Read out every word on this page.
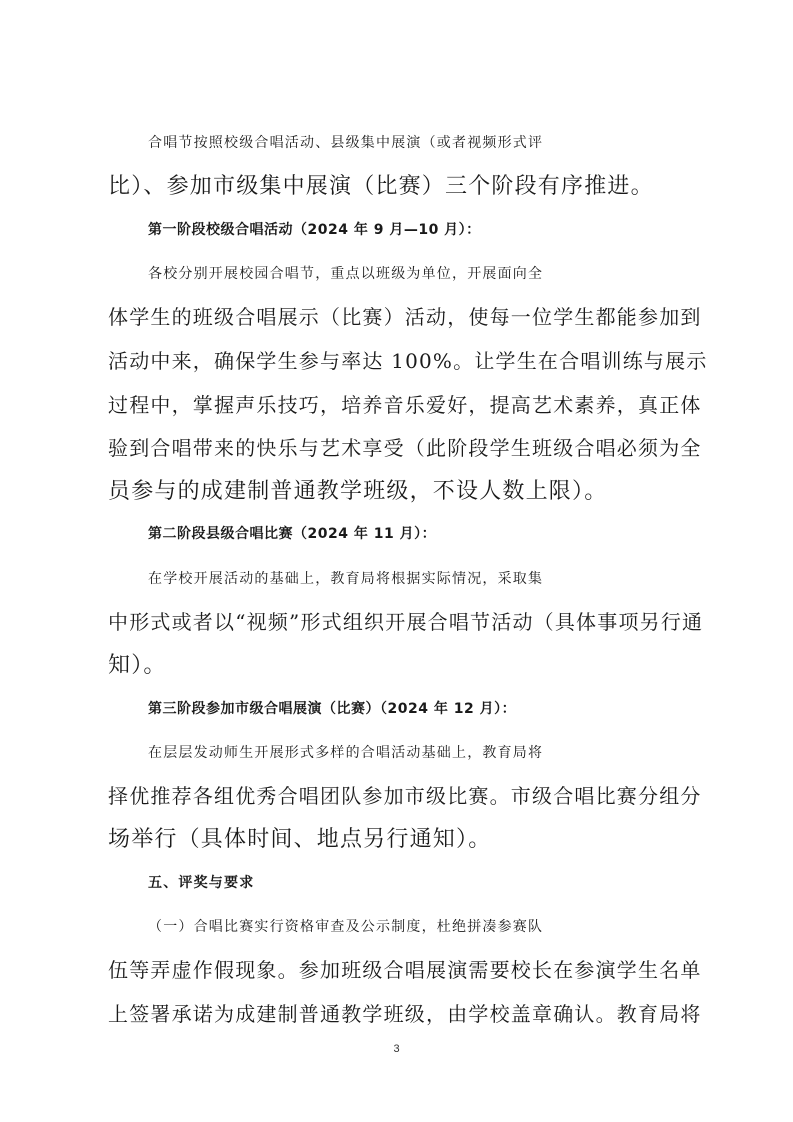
合唱节按照校级合唱活动、县级集中展演（或者视频形式评
比）、参加市级集中展演（比赛）三个阶段有序推进。
第一阶段校级合唱活动（2024 年 9 月—10 月）：
各校分别开展校园合唱节，重点以班级为单位，开展面向全
体学生的班级合唱展示（比赛）活动，使每一位学生都能参加到
活动中来，确保学生参与率达 100%。让学生在合唱训练与展示
过程中，掌握声乐技巧，培养音乐爱好，提高艺术素养，真正体
验到合唱带来的快乐与艺术享受（此阶段学生班级合唱必须为全
员参与的成建制普通教学班级，不设人数上限）。
第二阶段县级合唱比赛（2024 年 11 月）：
在学校开展活动的基础上，教育局将根据实际情况，采取集
中形式或者以“视频”形式组织开展合唱节活动（具体事项另行通
知）。
第三阶段参加市级合唱展演（比赛）（2024 年 12 月）：
在层层发动师生开展形式多样的合唱活动基础上，教育局将
择优推荐各组优秀合唱团队参加市级比赛。市级合唱比赛分组分
场举行（具体时间、地点另行通知）。
五、评奖与要求
（一）合唱比赛实行资格审查及公示制度，杜绝拼凑参赛队
伍等弄虚作假现象。参加班级合唱展演需要校长在参演学生名单
上签署承诺为成建制普通教学班级，由学校盖章确认。教育局将
3
